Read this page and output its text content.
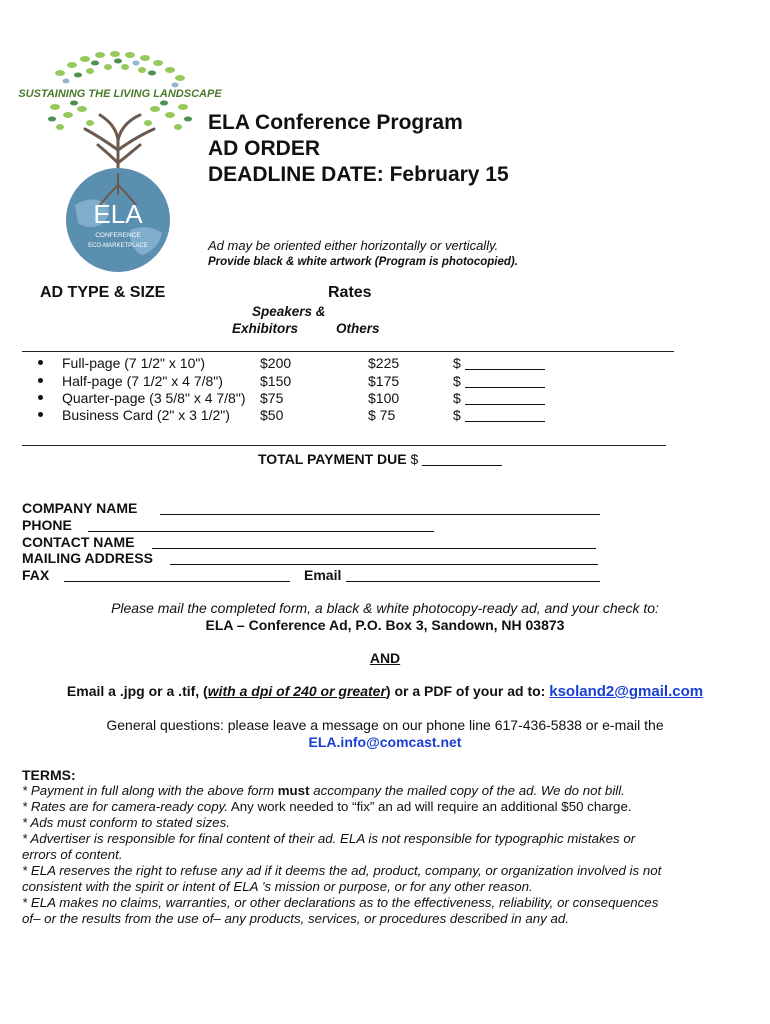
SUSTAINING THE LIVING LANDSCAPE
ELA
CONFERENCE
ECO-MARKETPLACE
ELA Conference Program
AD ORDER
DEADLINE DATE: February 15
Ad may be oriented either horizontally or vertically.
Provide black & white artwork (Program is photocopied).
AD TYPE & SIZE	Rates
Speakers &
Exhibitors	Others
Full-page (7 1/2" x 10")	$200	$225	$
Half-page (7 1/2" x 4 7/8")	$150	$175	$
Quarter-page (3 5/8" x 4 7/8") $75	$100	$
Business Card (2" x 3 1/2") $50	$ 75	$
TOTAL PAYMENT DUE $
COMPANY NAME
PHONE
CONTACT NAME
MAILING ADDRESS
FAX	Email
Please mail the completed form, a black & white photocopy-ready ad, and your check to:
ELA – Conference Ad, P.O. Box 3, Sandown, NH 03873
AND
Email a .jpg or a .tif, (with a dpi of 240 or greater) or a PDF of your ad to: ksoland2@gmail.com
General questions: please leave a message on our phone line 617-436-5838 or e-mail the
ELA.info@comcast.net
TERMS:
* Payment in full along with the above form must accompany the mailed copy of the ad. We do not bill.
* Rates are for camera-ready copy. Any work needed to “fix” an ad will require an additional $50 charge.
* Ads must conform to stated sizes.
* Advertiser is responsible for final content of their ad. ELA is not responsible for typographic mistakes or errors of content.
* ELA reserves the right to refuse any ad if it deems the ad, product, company, or organization involved is not consistent with the spirit or intent of ELA ’s mission or purpose, or for any other reason.
* ELA makes no claims, warranties, or other declarations as to the effectiveness, reliability, or consequences of– or the results from the use of– any products, services, or procedures described in any ad.
